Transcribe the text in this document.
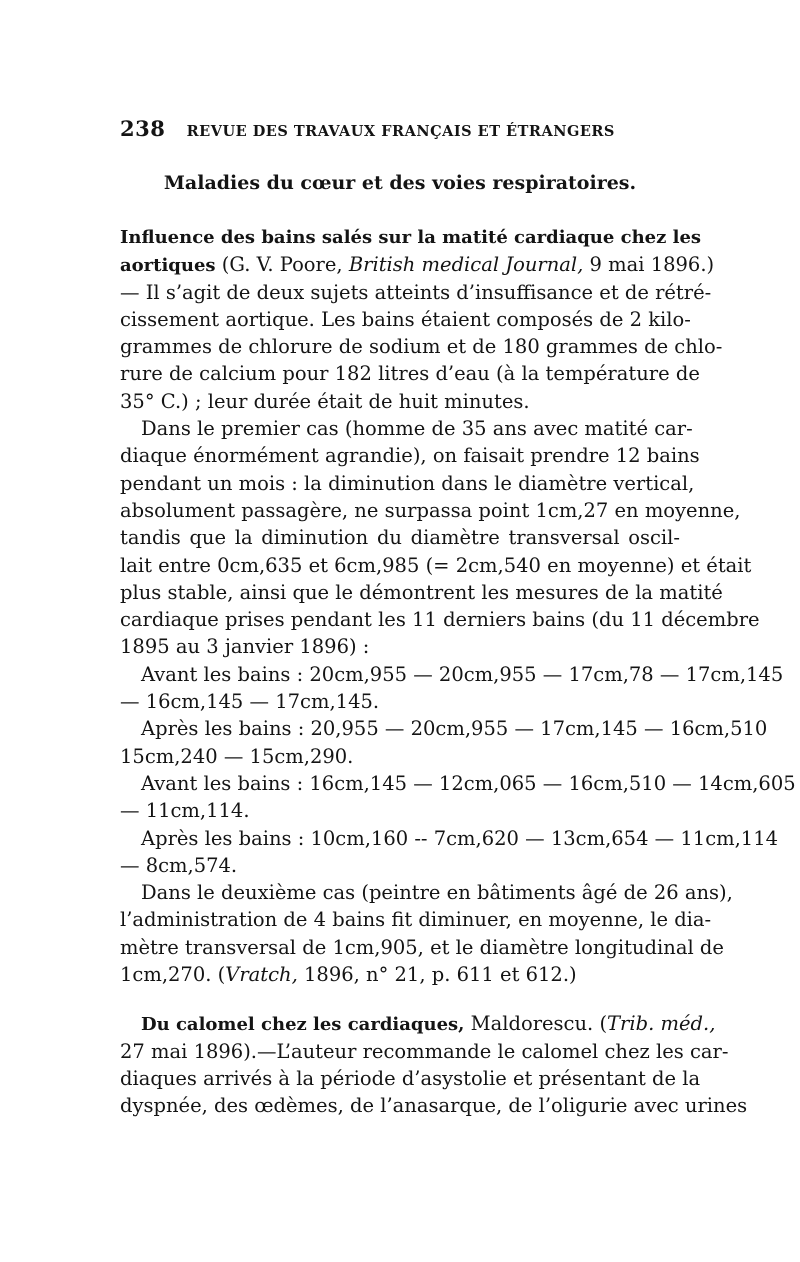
238 REVUE DES TRAVAUX FRANÇAIS ET ÉTRANGERS
Maladies du cœur et des voies respiratoires.
Influence des bains salés sur la matité cardiaque chez les
aortiques (G. V. Poore, British medical Journal, 9 mai 1896.)
— Il s’agit de deux sujets atteints d’insuffisance et de rétré-
cissement aortique. Les bains étaient composés de 2 kilo-
grammes de chlorure de sodium et de 180 grammes de chlo-
rure de calcium pour 182 litres d’eau (à la température de
35° C.) ; leur durée était de huit minutes.
Dans le premier cas (homme de 35 ans avec matité car-
diaque énormément agrandie), on faisait prendre 12 bains
pendant un mois : la diminution dans le diamètre vertical,
absolument passagère, ne surpassa point 1cm,27 en moyenne,
tandis que la diminution du diamètre transversal oscil-
lait entre 0cm,635 et 6cm,985 (= 2cm,540 en moyenne) et était
plus stable, ainsi que le démontrent les mesures de la matité
cardiaque prises pendant les 11 derniers bains (du 11 décembre
1895 au 3 janvier 1896) :
Avant les bains : 20cm,955 — 20cm,955 — 17cm,78 — 17cm,145
— 16cm,145 — 17cm,145.
Après les bains : 20,955 — 20cm,955 — 17cm,145 — 16cm,510
15cm,240 — 15cm,290.
Avant les bains : 16cm,145 — 12cm,065 — 16cm,510 — 14cm,605
— 11cm,114.
Après les bains : 10cm,160 -- 7cm,620 — 13cm,654 — 11cm,114
— 8cm,574.
Dans le deuxième cas (peintre en bâtiments âgé de 26 ans),
l’administration de 4 bains fit diminuer, en moyenne, le dia-
mètre transversal de 1cm,905, et le diamètre longitudinal de
1cm,270. (Vratch, 1896, n° 21, p. 611 et 612.)
Du calomel chez les cardiaques, Maldorescu. (Trib. méd.,
27 mai 1896).—L’auteur recommande le calomel chez les car-
diaques arrivés à la période d’asystolie et présentant de la
dyspnée, des œdèmes, de l’anasarque, de l’oligurie avec urines
